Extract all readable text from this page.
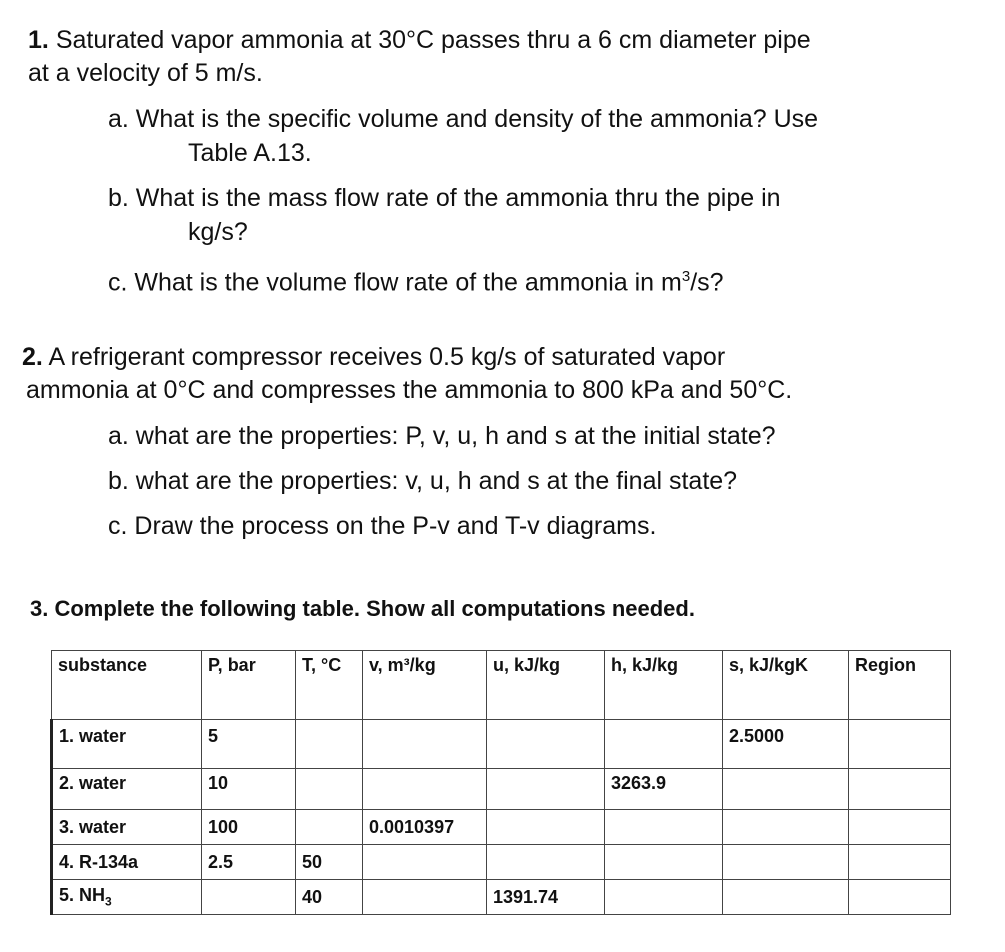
1. Saturated vapor ammonia at 30°C passes thru a 6 cm diameter pipe
at a velocity of 5 m/s.
a. What is the specific volume and density of the ammonia? Use
Table A.13.
b. What is the mass flow rate of the ammonia thru the pipe in
kg/s?
c. What is the volume flow rate of the ammonia in $m^3/s$?
2. A refrigerant compressor receives 0.5 kg/s of saturated vapor
ammonia at 0°C and compresses the ammonia to 800 kPa and 50°C.
a. what are the properties: P, v, u, h and s at the initial state?
b. what are the properties: v, u, h and s at the final state?
c. Draw the process on the P-v and T-v diagrams.
3. Complete the following table. Show all computations needed.
substance	P, bar	T, °C	v, m³/kg	u, kJ/kg	h, kJ/kg	s, kJ/kgK	Region
1. water	5					2.5000	
2. water	10				3263.9		
3. water	100		0.0010397				
4. R-134a	2.5	50					
5. $NH_3$		40		1391.74			
